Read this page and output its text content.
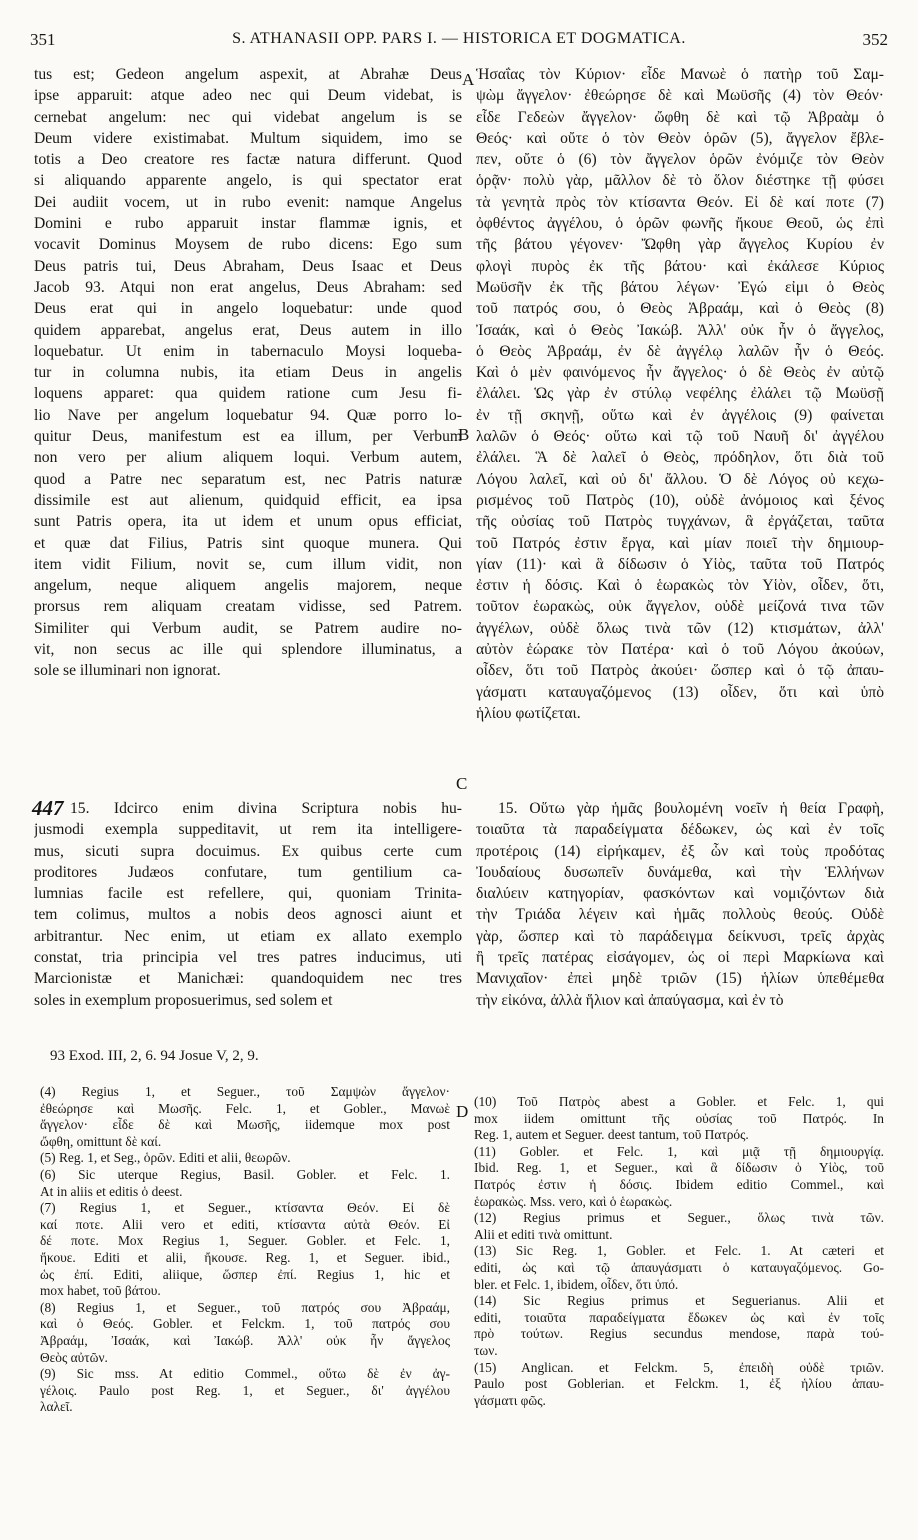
351	S. ATHANASII OPP. PARS I. — HISTORICA ET DOGMATICA.	352
tus est; Gedeon angelum aspexit, at Abrahæ Deus
ipse apparuit: atque adeo nec qui Deum videbat, is
cernebat angelum: nec qui videbat angelum is se
Deum videre existimabat. Multum siquidem, imo se
totis a Deo creatore res factæ natura differunt. Quod
si aliquando apparente angelo, is qui spectator erat
Dei audiit vocem, ut in rubo evenit: namque Angelus
Domini e rubo apparuit instar flammæ ignis, et
vocavit Dominus Moysem de rubo dicens: Ego sum
Deus patris tui, Deus Abraham, Deus Isaac et Deus
Jacob 93. Atqui non erat angelus, Deus Abraham: sed
Deus erat qui in angelo loquebatur: unde quod
quidem apparebat, angelus erat, Deus autem in illo
loquebatur. Ut enim in tabernaculo Moysi loqueba-
tur in columna nubis, ita etiam Deus in angelis
loquens apparet: qua quidem ratione cum Jesu fi-
lio Nave per angelum loquebatur 94. Quæ porro lo-
quitur Deus, manifestum est ea illum, per Verbum
non vero per alium aliquem loqui. Verbum autem,
quod a Patre nec separatum est, nec Patris naturæ
dissimile est aut alienum, quidquid efficit, ea ipsa
sunt Patris opera, ita ut idem et unum opus efficiat,
et quæ dat Filius, Patris sint quoque munera. Qui
item vidit Filium, novit se, cum illum vidit, non
angelum, neque aliquem angelis majorem, neque
prorsus rem aliquam creatam vidisse, sed Patrem.
Similiter qui Verbum audit, se Patrem audire no-
vit, non secus ac ille qui splendore illuminatus, a
sole se illuminari non ignorat.
Ἡσαΐας τὸν Κύριον· εἶδε Μανωὲ ὁ πατὴρ τοῦ Σαμ-
ψὼμ ἄγγελον· ἐθεώρησε δὲ καὶ Μωϋσῆς (4) τὸν Θεόν·
εἶδε Γεδεὼν ἄγγελον· ὤφθη δὲ καὶ τῷ Ἀβραὰμ ὁ
Θεός· καὶ οὔτε ὁ τὸν Θεὸν ὁρῶν (5), ἄγγελον ἔβλε-
πεν, οὔτε ὁ (6) τὸν ἄγγελον ὁρῶν ἐνόμιζε τὸν Θεὸν
ὁρᾷν· πολὺ γὰρ, μᾶλλον δὲ τὸ ὅλον διέστηκε τῇ φύσει
τὰ γενητὰ πρὸς τὸν κτίσαντα Θεόν. Εἰ δὲ καί ποτε (7)
ὀφθέντος ἀγγέλου, ὁ ὁρῶν φωνῆς ἤκουε Θεοῦ, ὡς ἐπὶ
τῆς βάτου γέγονεν· Ὤφθη γὰρ ἄγγελος Κυρίου ἐν
φλογὶ πυρὸς ἐκ τῆς βάτου· καὶ ἐκάλεσε Κύριος
Μωϋσῆν ἐκ τῆς βάτου λέγων· Ἐγώ εἰμι ὁ Θεὸς
τοῦ πατρός σου, ὁ Θεὸς Ἀβραάμ, καὶ ὁ Θεὸς (8)
Ἰσαάκ, καὶ ὁ Θεὸς Ἰακώβ. Ἀλλ' οὐκ ἦν ὁ ἄγγελος,
ὁ Θεὸς Ἀβραάμ, ἐν δὲ ἀγγέλῳ λαλῶν ἦν ὁ Θεός.
Καὶ ὁ μὲν φαινόμενος ἦν ἄγγελος· ὁ δὲ Θεὸς ἐν αὐτῷ
ἐλάλει. Ὡς γὰρ ἐν στύλῳ νεφέλης ἐλάλει τῷ Μωϋσῇ
ἐν τῇ σκηνῇ, οὕτω καὶ ἐν ἀγγέλοις (9) φαίνεται
λαλῶν ὁ Θεός· οὕτω καὶ τῷ τοῦ Ναυῆ δι' ἀγγέλου
ἐλάλει. Ἃ δὲ λαλεῖ ὁ Θεὸς, πρόδηλον, ὅτι διὰ τοῦ
Λόγου λαλεῖ, καὶ οὐ δι' ἄλλου. Ὁ δὲ Λόγος οὐ κεχω-
ρισμένος τοῦ Πατρὸς (10), οὐδὲ ἀνόμοιος καὶ ξένος
τῆς οὐσίας τοῦ Πατρὸς τυγχάνων, ἃ ἐργάζεται, ταῦτα
τοῦ Πατρός ἐστιν ἔργα, καὶ μίαν ποιεῖ τὴν δημιουρ-
γίαν (11)· καὶ ἃ δίδωσιν ὁ Υἱὸς, ταῦτα τοῦ Πατρός
ἐστιν ἡ δόσις. Καὶ ὁ ἑωρακὼς τὸν Υἱὸν, οἶδεν, ὅτι,
τοῦτον ἑωρακὼς, οὐκ ἄγγελον, οὐδὲ μείζονά τινα τῶν
ἀγγέλων, οὐδὲ ὅλως τινὰ τῶν (12) κτισμάτων, ἀλλ'
αὐτὸν ἑώρακε τὸν Πατέρα· καὶ ὁ τοῦ Λόγου ἀκούων,
οἶδεν, ὅτι τοῦ Πατρὸς ἀκούει· ὥσπερ καὶ ὁ τῷ ἀπαυ-
γάσματι καταυγαζόμενος (13) οἶδεν, ὅτι καὶ ὑπὸ
ἡλίου φωτίζεται.
A
B
C
D
447 15. Idcirco enim divina Scriptura nobis hu-
jusmodi exempla suppeditavit, ut rem ita intelligere-
mus, sicuti supra docuimus. Ex quibus certe cum
proditores Judæos confutare, tum gentilium ca-
lumnias facile est refellere, qui, quoniam Trinita-
tem colimus, multos a nobis deos agnosci aiunt et
arbitrantur. Nec enim, ut etiam ex allato exemplo
constat, tria principia vel tres patres inducimus, uti
Marcionistæ et Manichæi: quandoquidem nec tres
soles in exemplum proposuerimus, sed solem et
15. Οὕτω γὰρ ἡμᾶς βουλομένη νοεῖν ἡ θεία Γραφὴ,
τοιαῦτα τὰ παραδείγματα δέδωκεν, ὡς καὶ ἐν τοῖς
προτέροις (14) εἰρήκαμεν, ἐξ ὧν καὶ τοὺς προδότας
Ἰουδαίους δυσωπεῖν δυνάμεθα, καὶ τὴν Ἑλλήνων
διαλύειν κατηγορίαν, φασκόντων καὶ νομιζόντων διὰ
τὴν Τριάδα λέγειν καὶ ἡμᾶς πολλοὺς θεούς. Οὐδὲ
γὰρ, ὥσπερ καὶ τὸ παράδειγμα δείκνυσι, τρεῖς ἀρχὰς
ἢ τρεῖς πατέρας εἰσάγομεν, ὡς οἱ περὶ Μαρκίωνα καὶ
Μανιχαῖον· ἐπεὶ μηδὲ τριῶν (15) ἡλίων ὑπεθέμεθα
τὴν εἰκόνα, ἀλλὰ ἥλιον καὶ ἀπαύγασμα, καὶ ἐν τὸ
93 Exod. III, 2, 6. 94 Josue V, 2, 9.
(4) Regius 1, et Seguer., τοῦ Σαμψὼν ἄγγελον·
ἐθεώρησε καὶ Μωσῆς. Felc. 1, et Gobler., Μανωὲ
ἄγγελον· εἶδε δὲ καὶ Μωσῆς, iidemque mox post
ὤφθη, omittunt δὲ καί.
(5) Reg. 1, et Seg., ὁρῶν. Editi et alii, θεωρῶν.
(6) Sic uterque Regius, Basil. Gobler. et Felc. 1.
At in aliis et editis ὁ deest.
(7) Regius 1, et Seguer., κτίσαντα Θεόν. Εἰ δὲ
καί ποτε. Alii vero et editi, κτίσαντα αὐτὰ Θεόν. Εἰ
δέ ποτε. Mox Regius 1, Seguer. Gobler. et Felc. 1,
ἤκουε. Editi et alii, ἤκουσε. Reg. 1, et Seguer. ibid.,
ὡς ἐπί. Editi, aliique, ὥσπερ ἐπί. Regius 1, hic et
mox habet, τοῦ βάτου.
(8) Regius 1, et Seguer., τοῦ πατρός σου Ἀβραάμ,
καὶ ὁ Θεός. Gobler. et Felckm. 1, τοῦ πατρός σου
Ἀβραάμ, Ἰσαάκ, καὶ Ἰακώβ. Ἀλλ' οὐκ ἦν ἄγγελος
Θεὸς αὐτῶν.
(9) Sic mss. At editio Commel., οὕτω δὲ ἐν ἀγ-
γέλοις. Paulo post Reg. 1, et Seguer., δι' ἀγγέλου
λαλεῖ.
(10) Τοῦ Πατρὸς abest a Gobler. et Felc. 1, qui
mox iidem omittunt τῆς οὐσίας τοῦ Πατρός. In
Reg. 1, autem et Seguer. deest tantum, τοῦ Πατρός.
(11) Gobler. et Felc. 1, καὶ μιᾷ τῇ δημιουργίᾳ.
Ibid. Reg. 1, et Seguer., καὶ ἃ δίδωσιν ὁ Υἱὸς, τοῦ
Πατρός ἐστιν ἡ δόσις. Ibidem editio Commel., καὶ
ἑωρακὼς. Mss. vero, καὶ ὁ ἑωρακὼς.
(12) Regius primus et Seguer., ὅλως τινὰ τῶν.
Alii et editi τινὰ omittunt.
(13) Sic Reg. 1, Gobler. et Felc. 1. At cæteri et
editi, ὡς καὶ τῷ ἀπαυγάσματι ὁ καταυγαζόμενος. Go-
bler. et Felc. 1, ibidem, οἶδεν, ὅτι ὑπό.
(14) Sic Regius primus et Seguerianus. Alii et
editi, τοιαῦτα παραδείγματα ἔδωκεν ὡς καὶ ἐν τοῖς
πρὸ τούτων. Regius secundus mendose, παρὰ τού-
των.
(15) Anglican. et Felckm. 5, ἐπειδὴ οὐδὲ τριῶν.
Paulo post Goblerian. et Felckm. 1, ἐξ ἡλίου ἀπαυ-
γάσματι φῶς.
